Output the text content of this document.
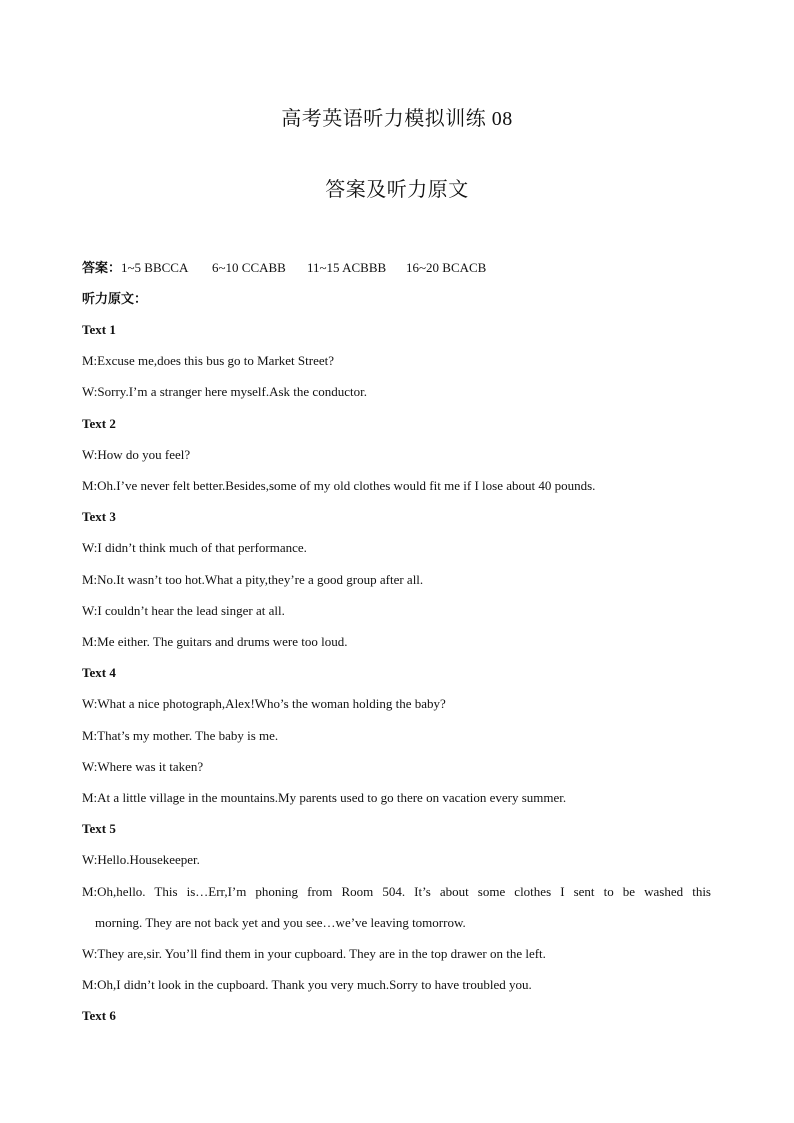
高考英语听力模拟训练 08
答案及听力原文
答案：1~5 BBCCA 6~10 CCABB 11~15 ACBBB 16~20 BCACB
听力原文：
Text 1
M:Excuse me,does this bus go to Market Street?
W:Sorry.I’m a stranger here myself.Ask the conductor.
Text 2
W:How do you feel?
M:Oh.I’ve never felt better.Besides,some of my old clothes would fit me if I lose about 40 pounds.
Text 3
W:I didn’t think much of that performance.
M:No.It wasn’t too hot.What a pity,they’re a good group after all.
W:I couldn’t hear the lead singer at all.
M:Me either. The guitars and drums were too loud.
Text 4
W:What a nice photograph,Alex!Who’s the woman holding the baby?
M:That’s my mother. The baby is me.
W:Where was it taken?
M:At a little village in the mountains.My parents used to go there on vacation every summer.
Text 5
W:Hello.Housekeeper.
M:Oh,hello. This is…Err,I’m phoning from Room 504. It’s about some clothes I sent to be washed this
morning. They are not back yet and you see…we’ve leaving tomorrow.
W:They are,sir. You’ll find them in your cupboard. They are in the top drawer on the left.
M:Oh,I didn’t look in the cupboard. Thank you very much.Sorry to have troubled you.
Text 6
